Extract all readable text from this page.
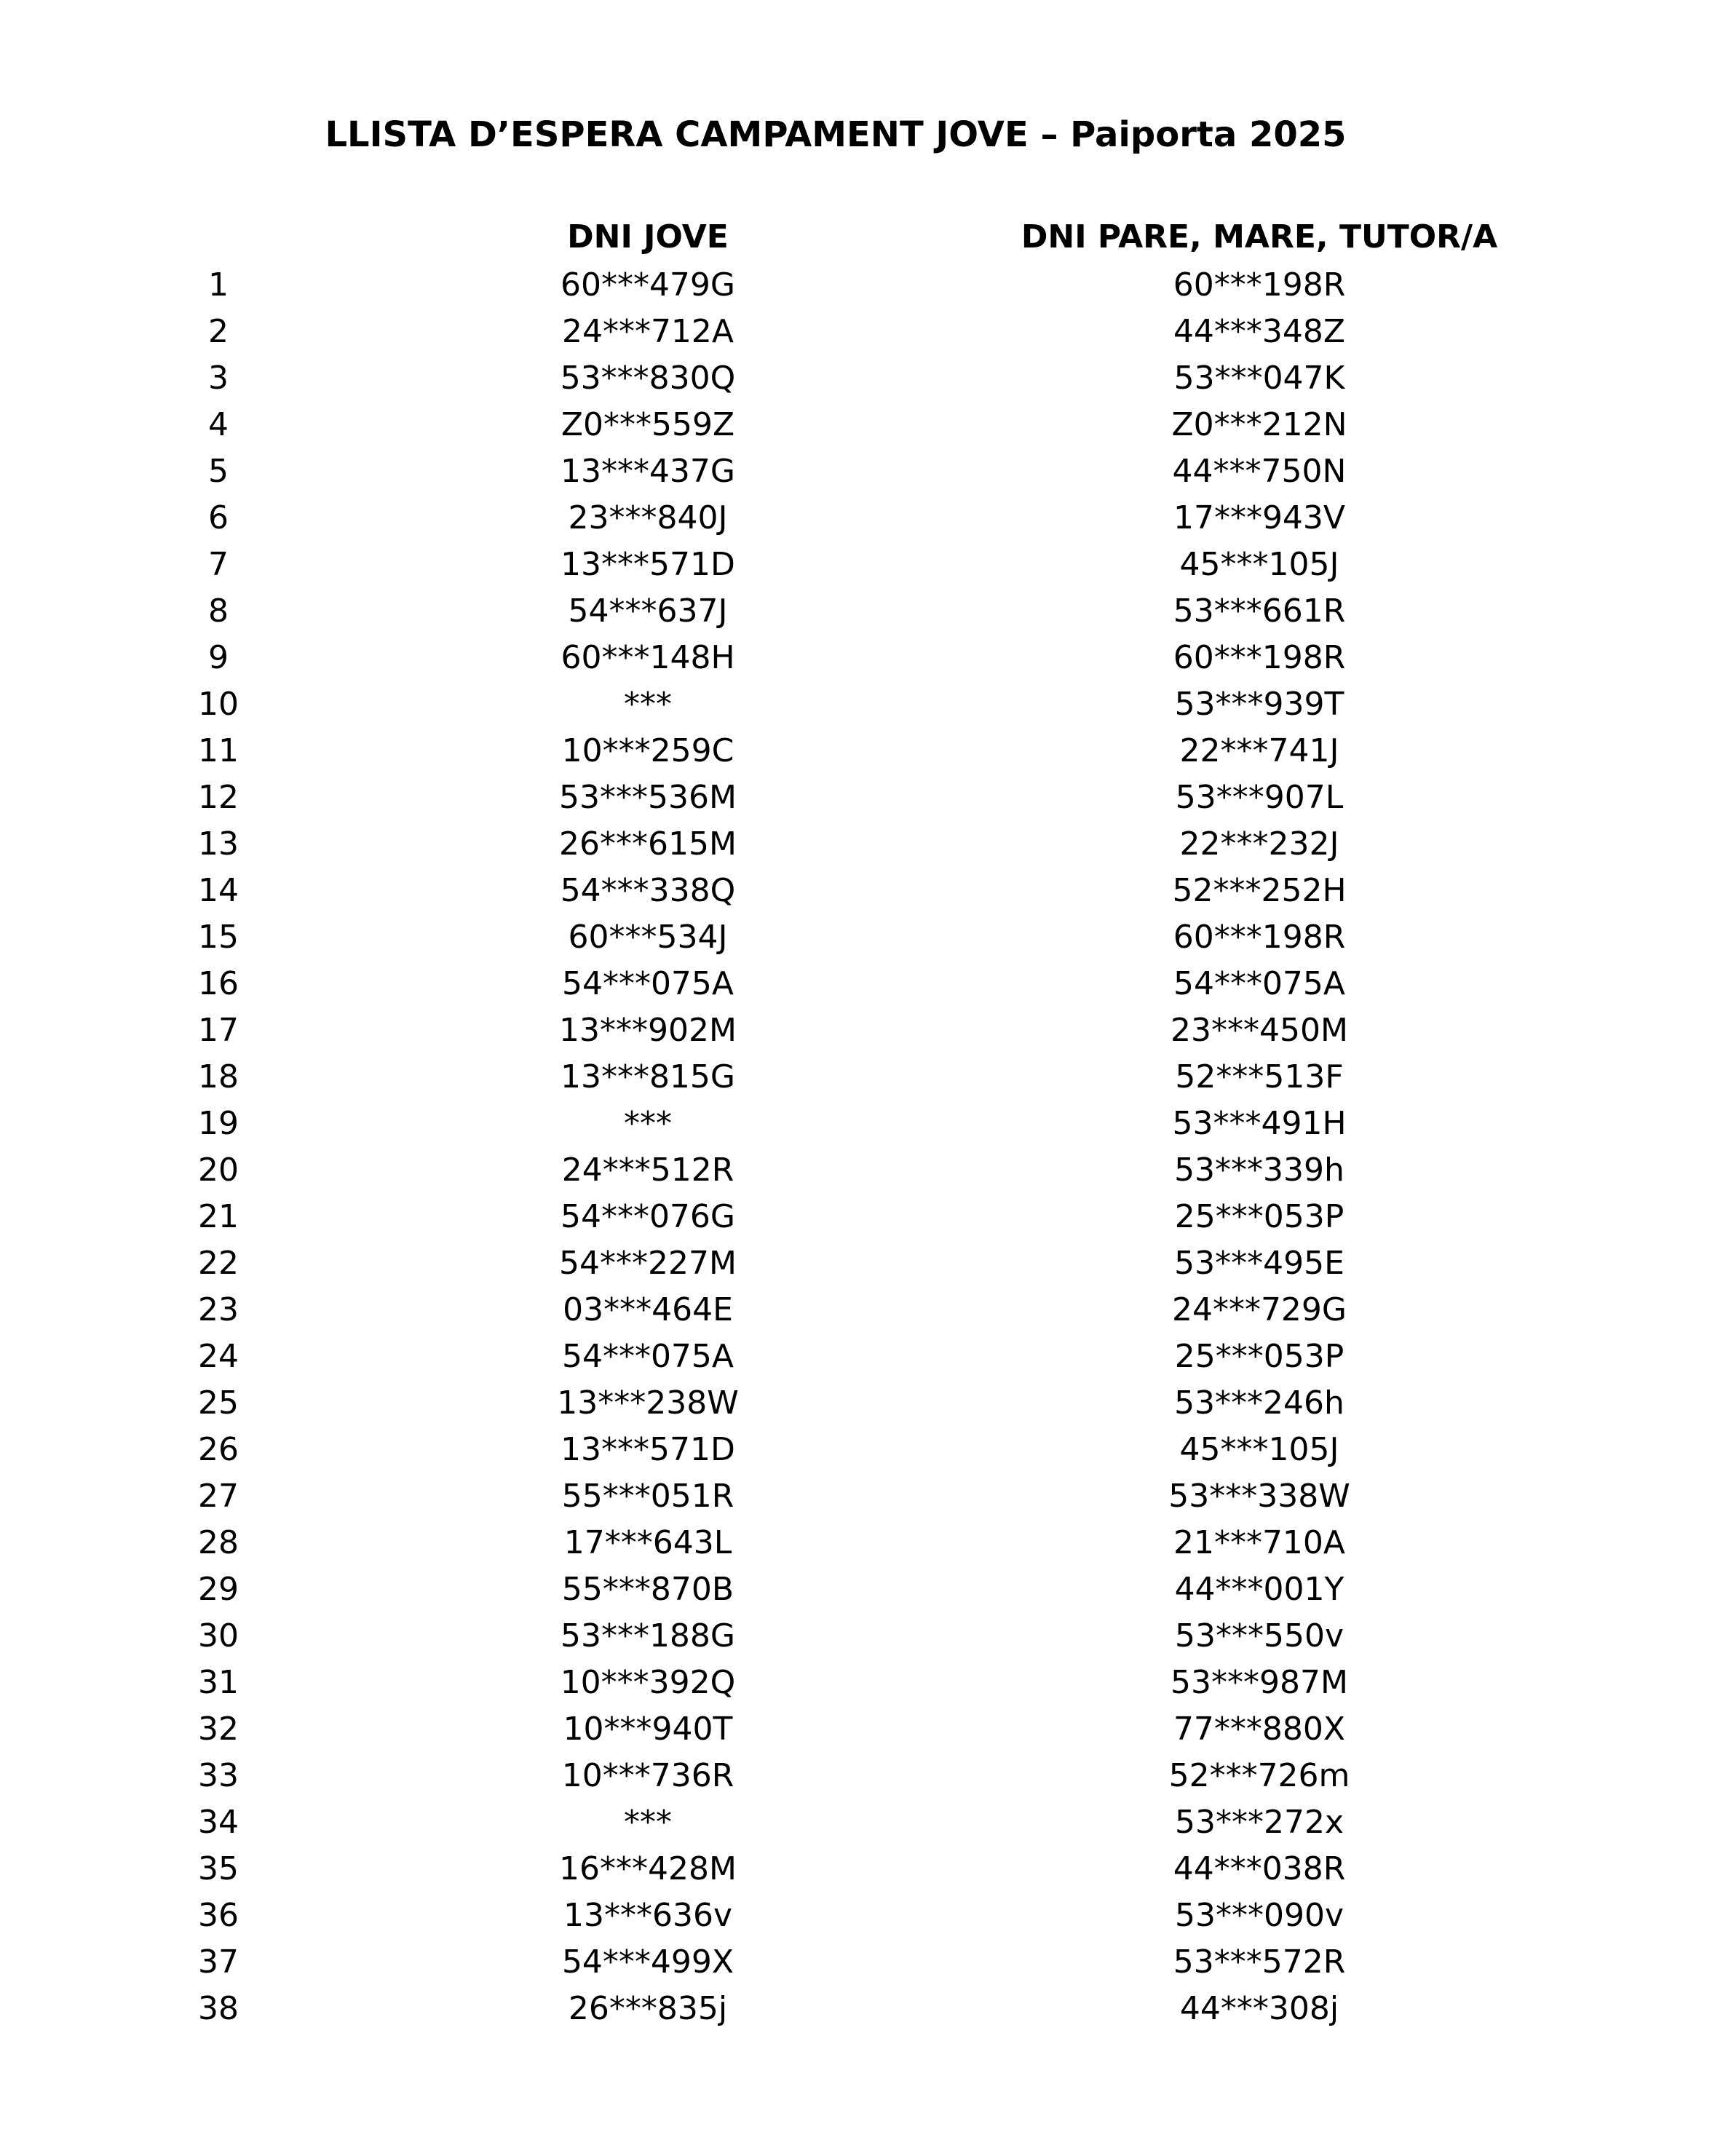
LLISTA D’ESPERA CAMPAMENT JOVE – Paiporta 2025
DNI JOVE	DNI PARE, MARE, TUTOR/A
1	60***479G	60***198R
2	24***712A	44***348Z
3	53***830Q	53***047K
4	Z0***559Z	Z0***212N
5	13***437G	44***750N
6	23***840J	17***943V
7	13***571D	45***105J
8	54***637J	53***661R
9	60***148H	60***198R
10	***	53***939T
11	10***259C	22***741J
12	53***536M	53***907L
13	26***615M	22***232J
14	54***338Q	52***252H
15	60***534J	60***198R
16	54***075A	54***075A
17	13***902M	23***450M
18	13***815G	52***513F
19	***	53***491H
20	24***512R	53***339h
21	54***076G	25***053P
22	54***227M	53***495E
23	03***464E	24***729G
24	54***075A	25***053P
25	13***238W	53***246h
26	13***571D	45***105J
27	55***051R	53***338W
28	17***643L	21***710A
29	55***870B	44***001Y
30	53***188G	53***550v
31	10***392Q	53***987M
32	10***940T	77***880X
33	10***736R	52***726m
34	***	53***272x
35	16***428M	44***038R
36	13***636v	53***090v
37	54***499X	53***572R
38	26***835j	44***308j
